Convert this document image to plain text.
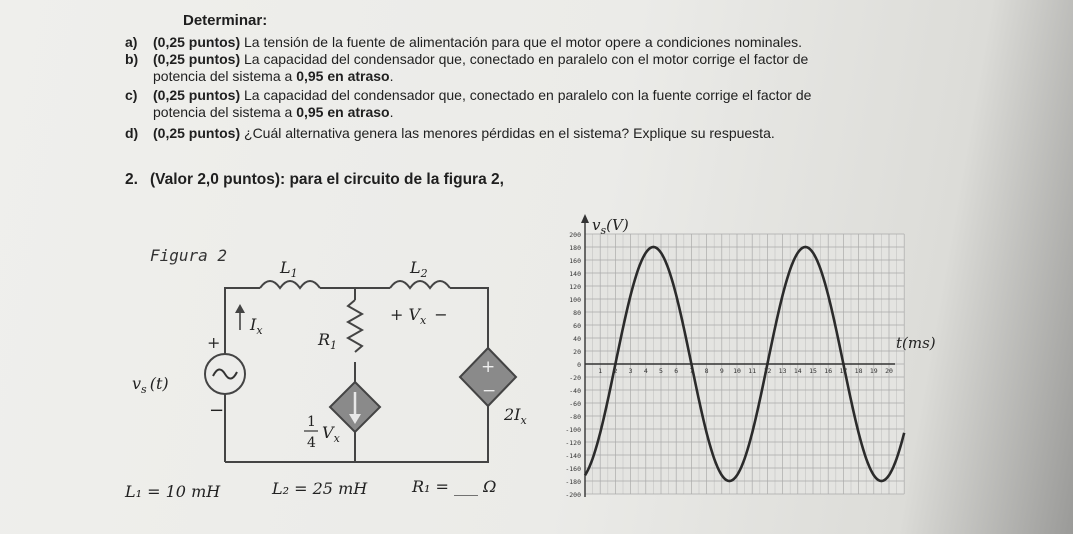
Determinar:
a) (0,25 puntos) La tensión de la fuente de alimentación para que el motor opere a condiciones nominales.
b) (0,25 puntos) La capacidad del condensador que, conectado en paralelo con el motor corrige el factor de
potencia del sistema a 0,95 en atraso.
c) (0,25 puntos) La capacidad del condensador que, conectado en paralelo con la fuente corrige el factor de
potencia del sistema a 0,95 en atraso.
d) (0,25 puntos) ¿Cuál alternativa genera las menores pérdidas en el sistema? Explique su respuesta.
2. (Valor 2,0 puntos): para el circuito de la figura 2,
Figura 2
$L_1$	$L_2$
+ $V_x$ −
$R_1$
$I_x$
+
−
$v_s$ (t)
+
−
$2I_x$
1
4
$V_x$
L₁ = 10 mH	L₂ = 25 mH	R₁ = ___ Ω
200
180
160
140
120
100
80
60
40
20
0
-20
-40
-60
-80
-100
-120
-140
-160
-180
-200
1 2 3 4 5 6 7 8 9 10 11 12 13 14 15 16 17 18 19 20
$v_s(V)$
t(ms)
